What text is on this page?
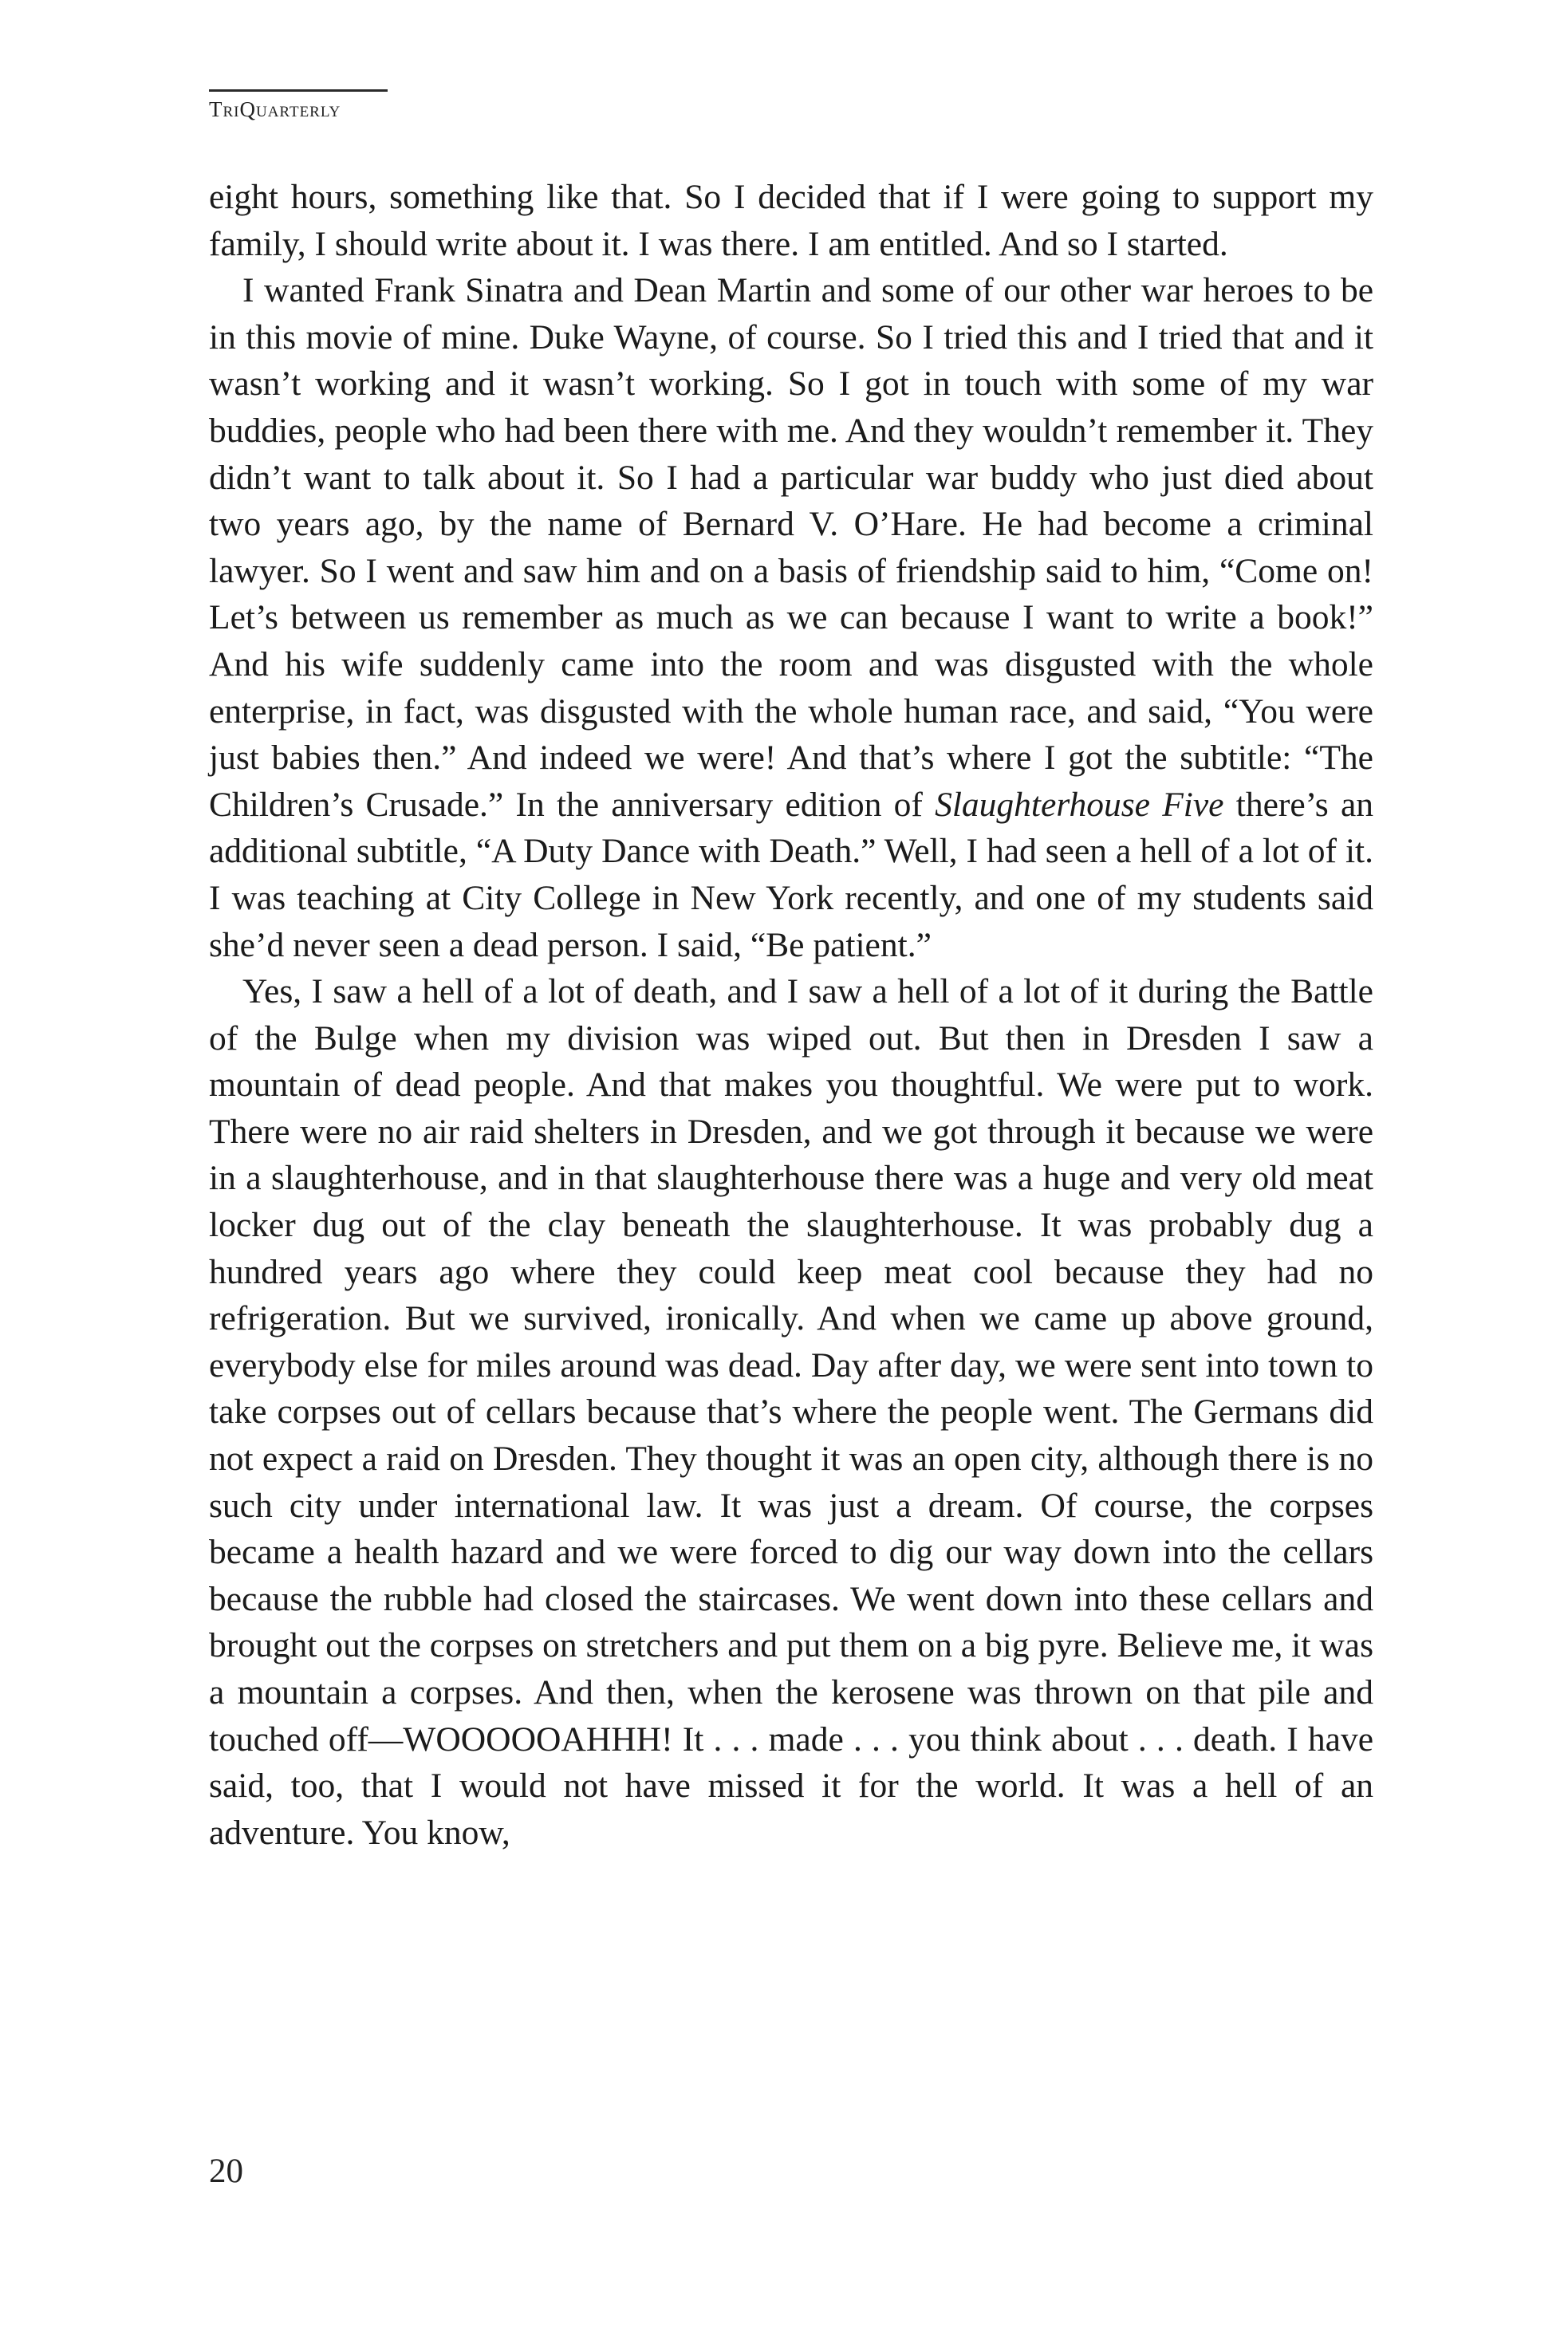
TriQuarterly

eight hours, something like that. So I decided that if I were going to support my family, I should write about it. I was there. I am entitled. And so I started.

I wanted Frank Sinatra and Dean Martin and some of our other war heroes to be in this movie of mine. Duke Wayne, of course. So I tried this and I tried that and it wasn’t working and it wasn’t working. So I got in touch with some of my war buddies, people who had been there with me. And they wouldn’t remember it. They didn’t want to talk about it. So I had a particular war buddy who just died about two years ago, by the name of Bernard V. O’Hare. He had become a criminal lawyer. So I went and saw him and on a basis of friendship said to him, “Come on! Let’s between us remember as much as we can because I want to write a book!” And his wife suddenly came into the room and was disgusted with the whole enterprise, in fact, was disgusted with the whole human race, and said, “You were just babies then.” And indeed we were! And that’s where I got the subtitle: “The Children’s Crusade.” In the anniversary edition of Slaughterhouse Five there’s an additional subtitle, “A Duty Dance with Death.” Well, I had seen a hell of a lot of it. I was teaching at City College in New York recently, and one of my students said she’d never seen a dead person. I said, “Be patient.”

Yes, I saw a hell of a lot of death, and I saw a hell of a lot of it during the Battle of the Bulge when my division was wiped out. But then in Dresden I saw a mountain of dead people. And that makes you thoughtful. We were put to work. There were no air raid shelters in Dresden, and we got through it because we were in a slaughterhouse, and in that slaughterhouse there was a huge and very old meat locker dug out of the clay beneath the slaughterhouse. It was probably dug a hundred years ago where they could keep meat cool because they had no refrigeration. But we survived, ironically. And when we came up above ground, everybody else for miles around was dead. Day after day, we were sent into town to take corpses out of cellars because that’s where the people went. The Germans did not expect a raid on Dresden. They thought it was an open city, although there is no such city under international law. It was just a dream. Of course, the corpses became a health hazard and we were forced to dig our way down into the cellars because the rubble had closed the staircases. We went down into these cellars and brought out the corpses on stretchers and put them on a big pyre. Believe me, it was a mountain a corpses. And then, when the kerosene was thrown on that pile and touched off—WOOOOOAHHH! It . . . made . . . you think about . . . death. I have said, too, that I would not have missed it for the world. It was a hell of an adventure. You know,

20
